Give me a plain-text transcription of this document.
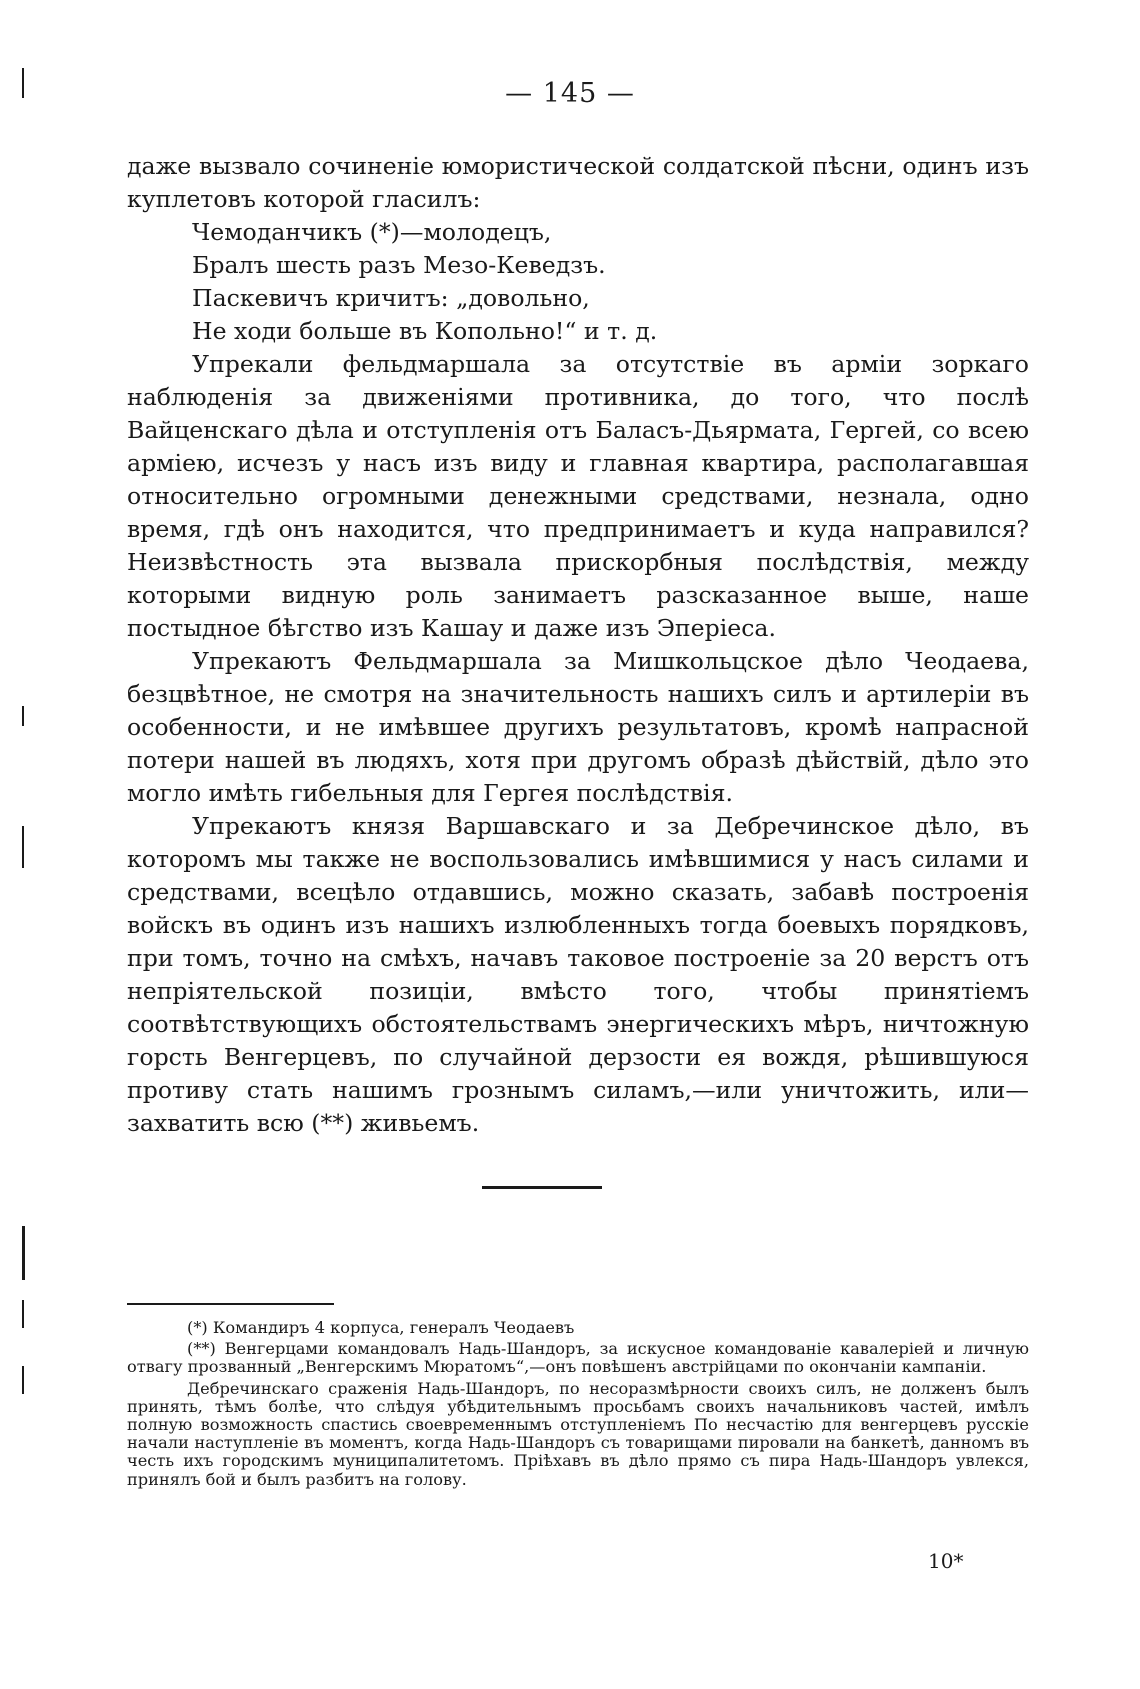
— 145 —

даже вызвало сочиненіе юмористической солдатской пѣсни, одинъ изъ куплетовъ которой гласилъ:

Чемоданчикъ (*)—молодецъ,
Бралъ шесть разъ Мезо-Кеведзъ.
Паскевичъ кричитъ: „довольно,
Не ходи больше въ Копольно!“ и т. д.

Упрекали фельдмаршала за отсутствіе въ арміи зоркаго наблюденія за движеніями противника, до того, что послѣ Вайценскаго дѣла и отступленія отъ Баласъ-Дьярмата, Гергей, со всею арміею, исчезъ у насъ изъ виду и главная квартира, располагавшая относительно огромными денежными средствами, незнала, одно время, гдѣ онъ находится, что предпринимаетъ и куда направился? Неизвѣстность эта вызвала прискорбныя послѣдствія, между которыми видную роль занимаетъ разсказанное выше, наше постыдное бѣгство изъ Кашау и даже изъ Эперіеса.

Упрекаютъ Фельдмаршала за Мишкольцское дѣло Чеодаева, безцвѣтное, не смотря на значительность нашихъ силъ и артилеріи въ особенности, и не имѣвшее другихъ результатовъ, кромѣ напрасной потери нашей въ людяхъ, хотя при другомъ образѣ дѣйствій, дѣло это могло имѣть гибельныя для Гергея послѣдствія.

Упрекаютъ князя Варшавскаго и за Дебречинское дѣло, въ которомъ мы также не воспользовались имѣвшимися у насъ силами и средствами, всецѣло отдавшись, можно сказать, забавѣ построенія войскъ въ одинъ изъ нашихъ излюбленныхъ тогда боевыхъ порядковъ, при томъ, точно на смѣхъ, начавъ таковое построеніе за 20 верстъ отъ непріятельской позиціи, вмѣсто того, чтобы принятіемъ соотвѣтствующихъ обстоятельствамъ энергическихъ мѣръ, ничтожную горсть Венгерцевъ, по случайной дерзости ея вождя, рѣшившуюся противу стать нашимъ грознымъ силамъ,—или уничтожить, или—захватить всю (**) живьемъ.

(*) Командиръ 4 корпуса, генералъ Чеодаевъ

(**) Венгерцами командовалъ Надь-Шандоръ, за искусное командованіе кавалеріей и личную отвагу прозванный „Венгерскимъ Мюратомъ“,—онъ повѣшенъ австрійцами по окончаніи кампаніи.

Дебречинскаго сраженія Надь-Шандоръ, по несоразмѣрности своихъ силъ, не долженъ былъ принять, тѣмъ болѣе, что слѣдуя убѣдительнымъ просьбамъ своихъ начальниковъ частей, имѣлъ полную возможность спастись своевременнымъ отступленіемъ По несчастію для венгерцевъ русскіе начали наступленіе въ моментъ, когда Надь-Шандоръ съ товарищами пировали на банкетѣ, данномъ въ честь ихъ городскимъ муниципалитетомъ. Пріѣхавъ въ дѣло прямо съ пира Надь-Шандоръ увлекся, принялъ бой и былъ разбитъ на голову.

10*
